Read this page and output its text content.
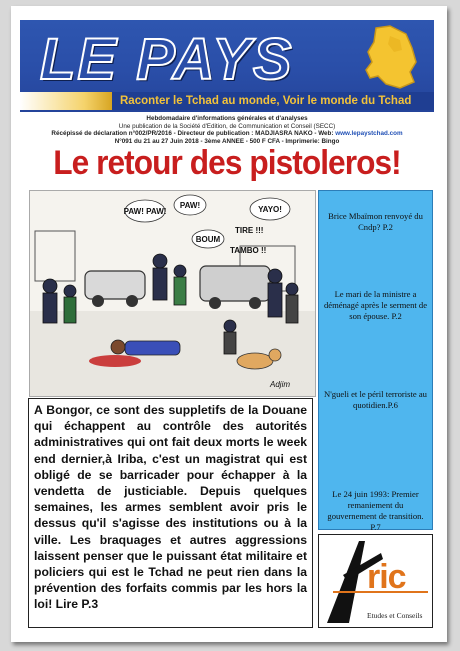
LE PAYS
Raconter le Tchad au monde, Voir le monde du Tchad
Hebdomadaire d'informations générales et d'analyses
Une publication de la Société d'Edition, de Communication et Conseil (SECC)
Récépissé de déclaration n°002/PR/2016 - Directeur de publication : MADJIASRA NAKO - Web: www.lepaystchad.com
N°091 du 21 au 27 Juin 2018 - 3ème ANNEE - 500 F CFA - Imprimerie: Bingo
Le retour des pistoleros!
PAW! PAW!
PAW!
BOUM
YAYO!
TIRE !!!
TAMBO !!
Adjim
A Bongor, ce sont des suppletifs de la Douane qui échappent au contrôle des autorités administratives qui ont fait deux morts le week end dernier,à Iriba, c'est un magistrat qui est obligé de se barricader pour échapper à la vendetta de justiciable. Depuis quelques semaines, les armes semblent avoir pris le dessus qu'il s'agisse des institutions ou à la ville. Les braquages et autres aggressions laissent penser que le puissant état militaire et policiers qui est le Tchad ne peut rien dans la prévention des forfaits commis par les hors la loi! Lire P.3
Brice Mbaïmon renvoyé du Cndp? P.2
Le mari de la ministre a déménagé après le serment de son épouse. P.2
N'gueli et le péril terroriste au quotidien.P.6
Le 24 juin 1993: Premier remaniement du gouvernement de transition. P.7
ric
Etudes et Conseils
